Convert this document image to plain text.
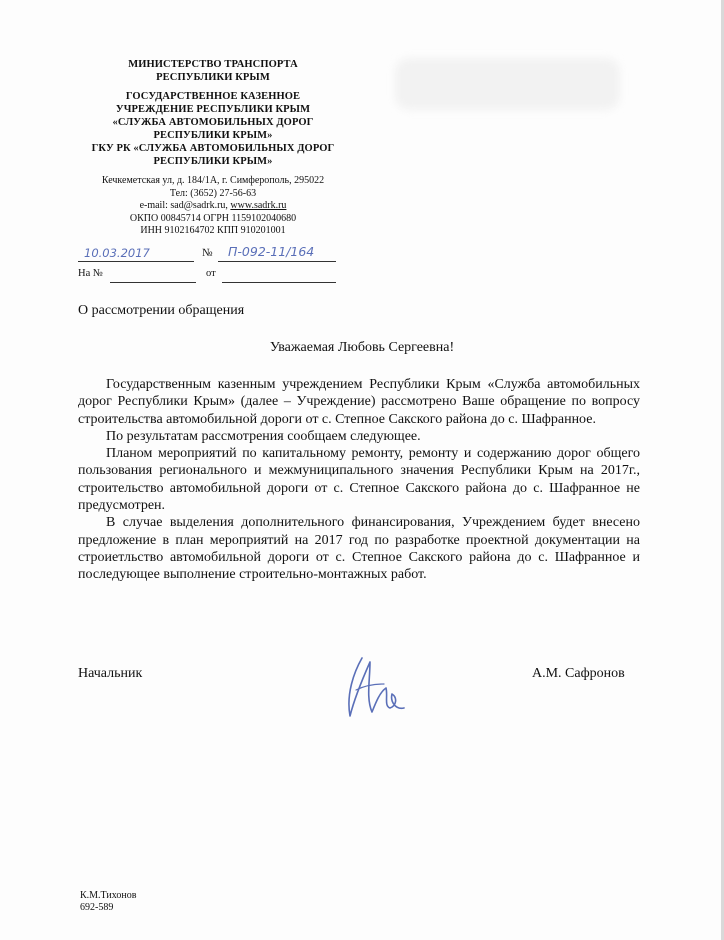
МИНИСТЕРСТВО ТРАНСПОРТА
РЕСПУБЛИКИ КРЫМ
ГОСУДАРСТВЕННОЕ КАЗЕННОЕ
УЧРЕЖДЕНИЕ РЕСПУБЛИКИ КРЫМ
«СЛУЖБА АВТОМОБИЛЬНЫХ ДОРОГ
РЕСПУБЛИКИ КРЫМ»
ГКУ РК «СЛУЖБА АВТОМОБИЛЬНЫХ ДОРОГ
РЕСПУБЛИКИ КРЫМ»
Кечкеметская ул, д. 184/1А, г. Симферополь, 295022
Тел: (3652) 27-56-63
e-mail: sad@sadrk.ru, www.sadrk.ru
ОКПО 00845714 ОГРН 1159102040680
ИНН 9102164702 КПП 910201001
10.03.2017	№ П-092-11/164
На №	от
О рассмотрении обращения
Уважаемая Любовь Сергеевна!

Государственным казенным учреждением Республики Крым «Служба автомобильных дорог Республики Крым» (далее – Учреждение) рассмотрено Ваше обращение по вопросу строительства автомобильной дороги от с. Степное Сакского района до с. Шафранное.

По результатам рассмотрения сообщаем следующее.

Планом мероприятий по капитальному ремонту, ремонту и содержанию дорог общего пользования регионального и межмуниципального значения Республики Крым на 2017г., строительство автомобильной дороги от с. Степное Сакского района до с. Шафранное не предусмотрен.

В случае выделения дополнительного финансирования, Учреждением будет внесено предложение в план мероприятий на 2017 год по разработке проектной документации на строиетльство автомобильной дороги от с. Степное Сакского района до с. Шафранное и последующее выполнение строительно-монтажных работ.

Начальник	А.М. Сафронов
К.М.Тихонов
692-589
